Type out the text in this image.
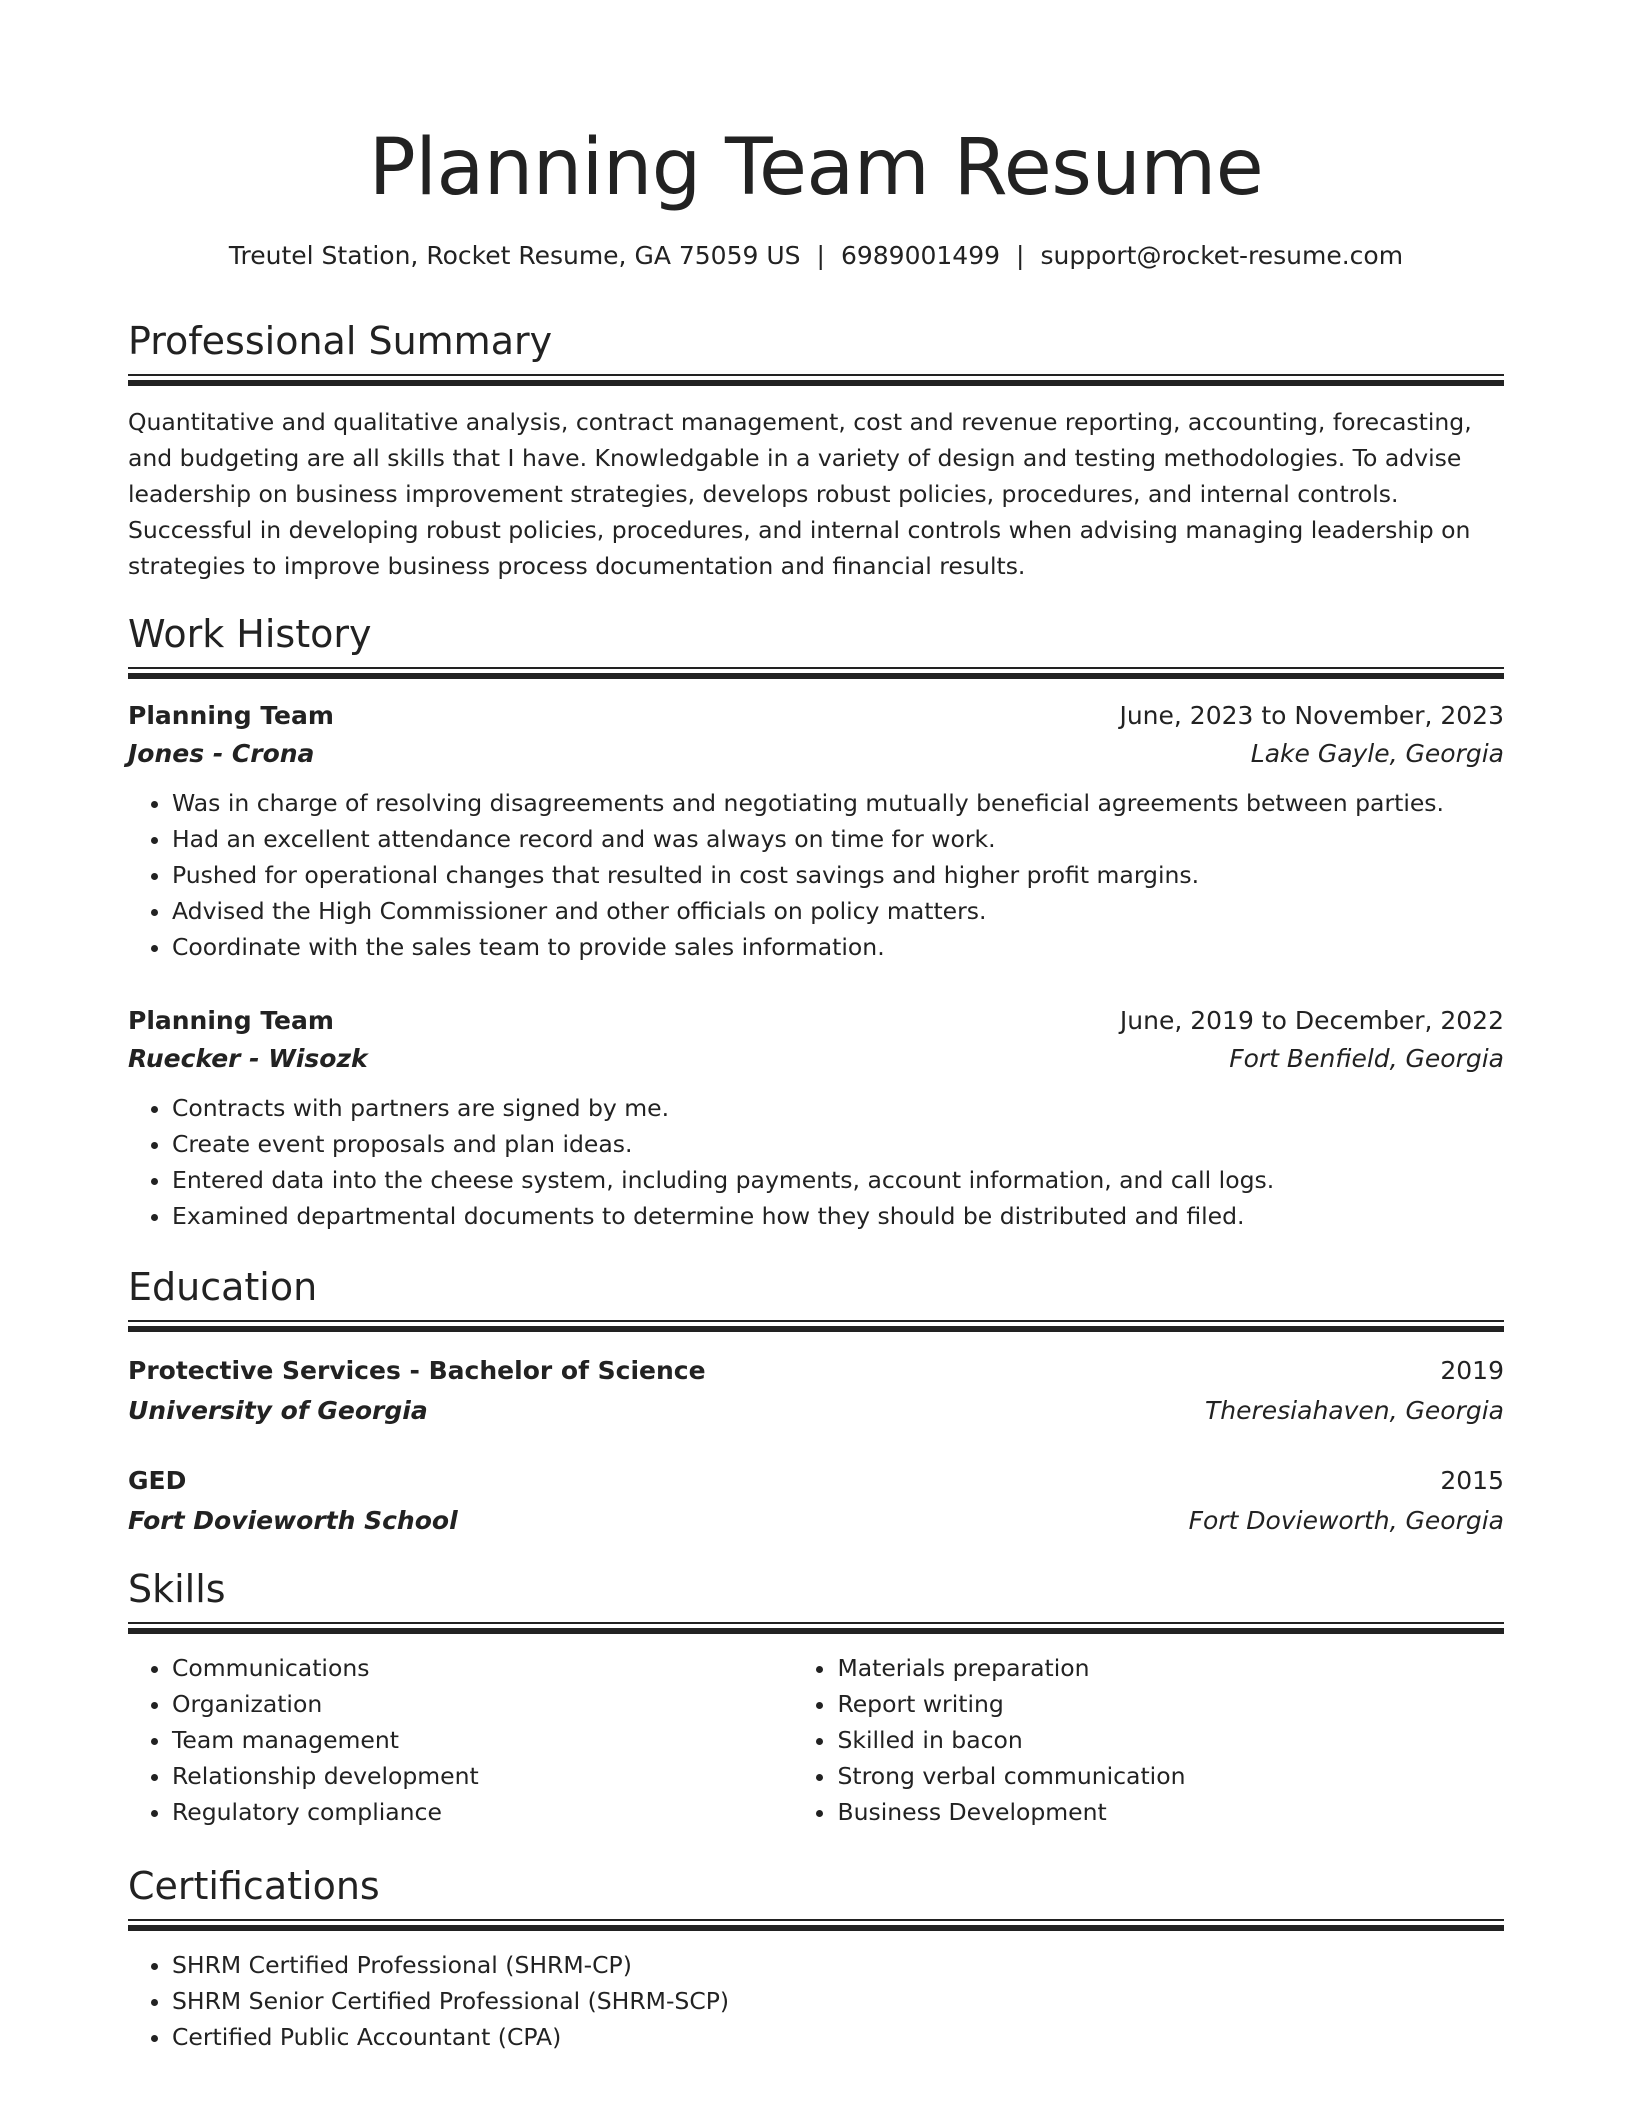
Planning Team Resume
Treutel Station, Rocket Resume, GA 75059 US | 6989001499 | support@rocket-resume.com
Professional Summary
Quantitative and qualitative analysis, contract management, cost and revenue reporting, accounting, forecasting, and budgeting are all skills that I have. Knowledgable in a variety of design and testing methodologies. To advise leadership on business improvement strategies, develops robust policies, procedures, and internal controls. Successful in developing robust policies, procedures, and internal controls when advising managing leadership on strategies to improve business process documentation and financial results.
Work History
Planning Team	June, 2023 to November, 2023
Jones - Crona	Lake Gayle, Georgia
• Was in charge of resolving disagreements and negotiating mutually beneficial agreements between parties.
• Had an excellent attendance record and was always on time for work.
• Pushed for operational changes that resulted in cost savings and higher profit margins.
• Advised the High Commissioner and other officials on policy matters.
• Coordinate with the sales team to provide sales information.
Planning Team	June, 2019 to December, 2022
Ruecker - Wisozk	Fort Benfield, Georgia
• Contracts with partners are signed by me.
• Create event proposals and plan ideas.
• Entered data into the cheese system, including payments, account information, and call logs.
• Examined departmental documents to determine how they should be distributed and filed.
Education
Protective Services - Bachelor of Science	2019
University of Georgia	Theresiahaven, Georgia
GED	2015
Fort Dovieworth School	Fort Dovieworth, Georgia
Skills
• Communications
• Organization
• Team management
• Relationship development
• Regulatory compliance
• Materials preparation
• Report writing
• Skilled in bacon
• Strong verbal communication
• Business Development
Certifications
• SHRM Certified Professional (SHRM-CP)
• SHRM Senior Certified Professional (SHRM-SCP)
• Certified Public Accountant (CPA)
